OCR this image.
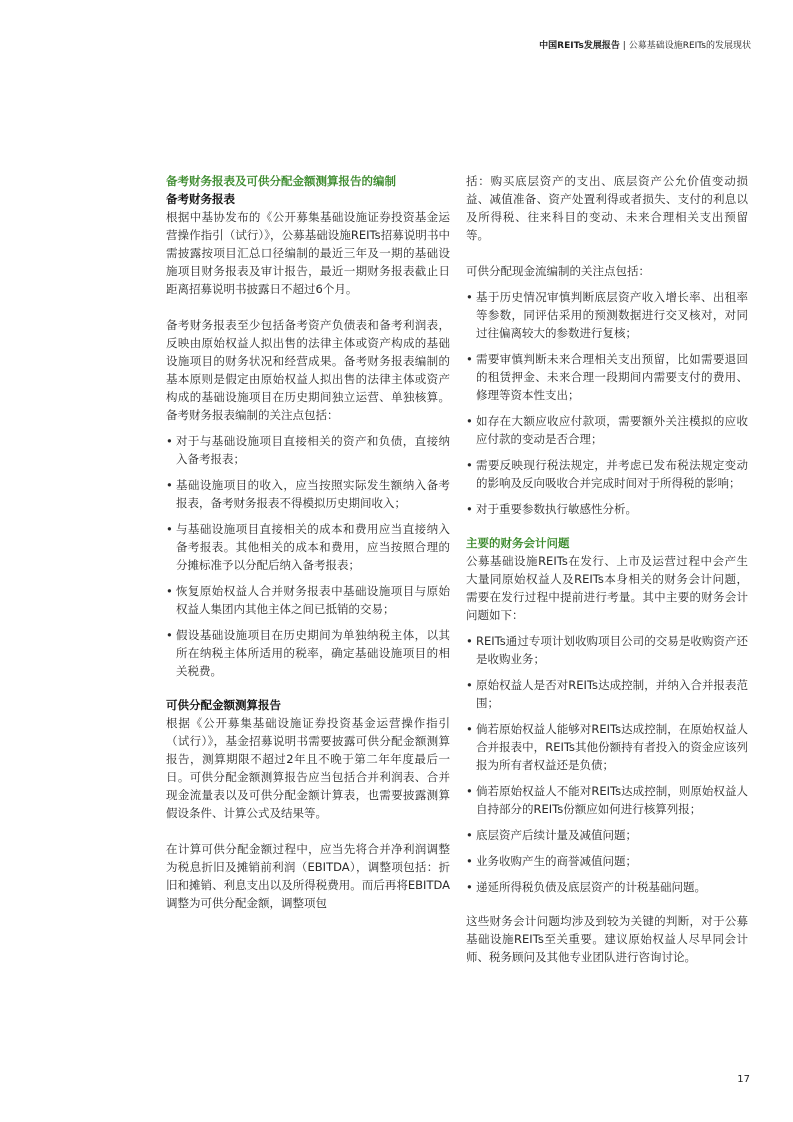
中国REITs发展报告 | 公募基础设施REITs的发展现状
备考财务报表及可供分配金额测算报告的编制
备考财务报表

根据中基协发布的《公开募集基础设施证券投资基金运营操作指引（试行）》，公募基础设施REITs招募说明书中需披露按项目汇总口径编制的最近三年及一期的基础设施项目财务报表及审计报告，最近一期财务报表截止日距离招募说明书披露日不超过6个月。

备考财务报表至少包括备考资产负债表和备考利润表，反映由原始权益人拟出售的法律主体或资产构成的基础设施项目的财务状况和经营成果。备考财务报表编制的基本原则是假定由原始权益人拟出售的法律主体或资产构成的基础设施项目在历史期间独立运营、单独核算。备考财务报表编制的关注点包括：

• 对于与基础设施项目直接相关的资产和负债，直接纳入备考报表；
• 基础设施项目的收入，应当按照实际发生额纳入备考报表，备考财务报表不得模拟历史期间收入；
• 与基础设施项目直接相关的成本和费用应当直接纳入备考报表。其他相关的成本和费用，应当按照合理的分摊标准予以分配后纳入备考报表；
• 恢复原始权益人合并财务报表中基础设施项目与原始权益人集团内其他主体之间已抵销的交易；
• 假设基础设施项目在历史期间为单独纳税主体，以其所在纳税主体所适用的税率，确定基础设施项目的相关税费。
可供分配金额测算报告

根据《公开募集基础设施证券投资基金运营操作指引（试行）》，基金招募说明书需要披露可供分配金额测算报告，测算期限不超过2年且不晚于第二年年度最后一日。可供分配金额测算报告应当包括合并利润表、合并现金流量表以及可供分配金额计算表，也需要披露测算假设条件、计算公式及结果等。

在计算可供分配金额过程中，应当先将合并净利润调整为税息折旧及摊销前利润（EBITDA），调整项包括：折旧和摊销、利息支出以及所得税费用。而后再将EBITDA调整为可供分配金额，调整项包

括：购买底层资产的支出、底层资产公允价值变动损益、减值准备、资产处置利得或者损失、支付的利息以及所得税、往来科目的变动、未来合理相关支出预留等。

可供分配现金流编制的关注点包括：

• 基于历史情况审慎判断底层资产收入增长率、出租率等参数，同评估采用的预测数据进行交叉核对，对同过往偏离较大的参数进行复核；
• 需要审慎判断未来合理相关支出预留，比如需要退回的租赁押金、未来合理一段期间内需要支付的费用、修理等资本性支出；
• 如存在大额应收应付款项，需要额外关注模拟的应收应付款的变动是否合理；
• 需要反映现行税法规定，并考虑已发布税法规定变动的影响及反向吸收合并完成时间对于所得税的影响；
• 对于重要参数执行敏感性分析。
主要的财务会计问题

公募基础设施REITs在发行、上市及运营过程中会产生大量同原始权益人及REITs本身相关的财务会计问题，需要在发行过程中提前进行考量。其中主要的财务会计问题如下：

• REITs通过专项计划收购项目公司的交易是收购资产还是收购业务；
• 原始权益人是否对REITs达成控制，并纳入合并报表范围；
• 倘若原始权益人能够对REITs达成控制，在原始权益人合并报表中，REITs其他份额持有者投入的资金应该列报为所有者权益还是负债；
• 倘若原始权益人不能对REITs达成控制，则原始权益人自持部分的REITs份额应如何进行核算列报；
• 底层资产后续计量及减值问题；
• 业务收购产生的商誉减值问题；
• 递延所得税负债及底层资产的计税基础问题。

这些财务会计问题均涉及到较为关键的判断，对于公募基础设施REITs至关重要。建议原始权益人尽早同会计师、税务顾问及其他专业团队进行咨询讨论。

17
